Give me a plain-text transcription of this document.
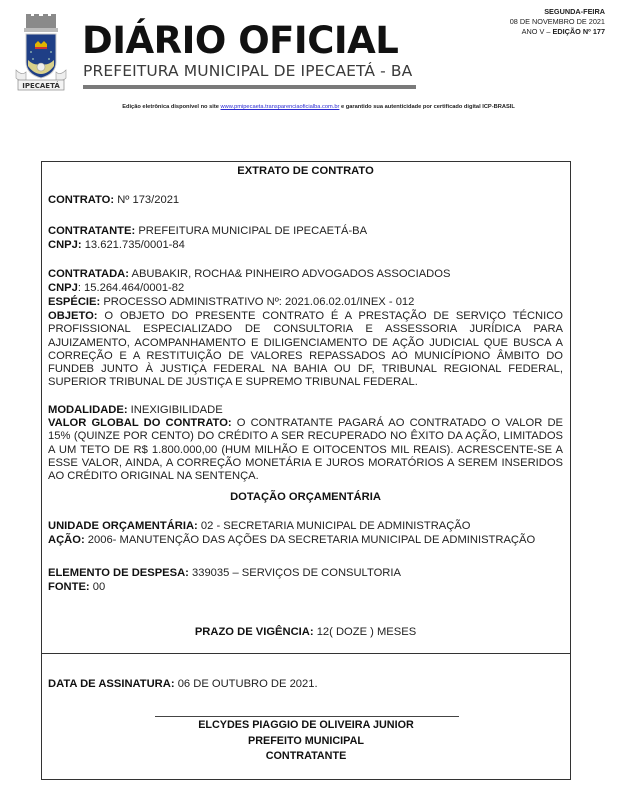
IPECAETÁ
DIÁRIO OFICIAL
PREFEITURA MUNICIPAL DE IPECAETÁ - BA
SEGUNDA-FEIRA
08 DE NOVEMBRO DE 2021
ANO V – EDIÇÃO Nº 177
Edição eletrônica disponível no site www.pmipecaeta.transparenciaoficialba.com.br e garantido sua autenticidade por certificado digital ICP-BRASIL
EXTRATO DE CONTRATO
CONTRATO: Nº 173/2021
CONTRATANTE: PREFEITURA MUNICIPAL DE IPECAETÁ-BA
CNPJ: 13.621.735/0001-84
CONTRATADA: ABUBAKIR, ROCHA& PINHEIRO ADVOGADOS ASSOCIADOS
CNPJ: 15.264.464/0001-82
ESPÉCIE: PROCESSO ADMINISTRATIVO Nº: 2021.06.02.01/INEX - 012
OBJETO: O OBJETO DO PRESENTE CONTRATO É A PRESTAÇÃO DE SERVIÇO TÉCNICO PROFISSIONAL ESPECIALIZADO DE CONSULTORIA E ASSESSORIA JURÍDICA PARA AJUIZAMENTO, ACOMPANHAMENTO E DILIGENCIAMENTO DE AÇÃO JUDICIAL QUE BUSCA A CORREÇÃO E A RESTITUIÇÃO DE VALORES REPASSADOS AO MUNICÍPIONO ÂMBITO DO FUNDEB JUNTO À JUSTIÇA FEDERAL NA BAHIA OU DF, TRIBUNAL REGIONAL FEDERAL, SUPERIOR TRIBUNAL DE JUSTIÇA E SUPREMO TRIBUNAL FEDERAL.
MODALIDADE: INEXIGIBILIDADE
VALOR GLOBAL DO CONTRATO: O CONTRATANTE PAGARÁ AO CONTRATADO O VALOR DE 15% (QUINZE POR CENTO) DO CRÉDITO A SER RECUPERADO NO ÊXITO DA AÇÃO, LIMITADOS A UM TETO DE R$ 1.800.000,00 (HUM MILHÃO E OITOCENTOS MIL REAIS). ACRESCENTE-SE A ESSE VALOR, AINDA, A CORREÇÃO MONETÁRIA E JUROS MORATÓRIOS A SEREM INSERIDOS AO CRÉDITO ORIGINAL NA SENTENÇA.
DOTAÇÃO ORÇAMENTÁRIA
UNIDADE ORÇAMENTÁRIA: 02 - SECRETARIA MUNICIPAL DE ADMINISTRAÇÃO
AÇÃO: 2006- MANUTENÇÃO DAS AÇÕES DA SECRETARIA MUNICIPAL DE ADMINISTRAÇÃO
ELEMENTO DE DESPESA: 339035 – SERVIÇOS DE CONSULTORIA
FONTE: 00
PRAZO DE VIGÊNCIA: 12( DOZE ) MESES
DATA DE ASSINATURA: 06 DE OUTUBRO DE 2021.
ELCYDES PIAGGIO DE OLIVEIRA JUNIOR
PREFEITO MUNICIPAL
CONTRATANTE
